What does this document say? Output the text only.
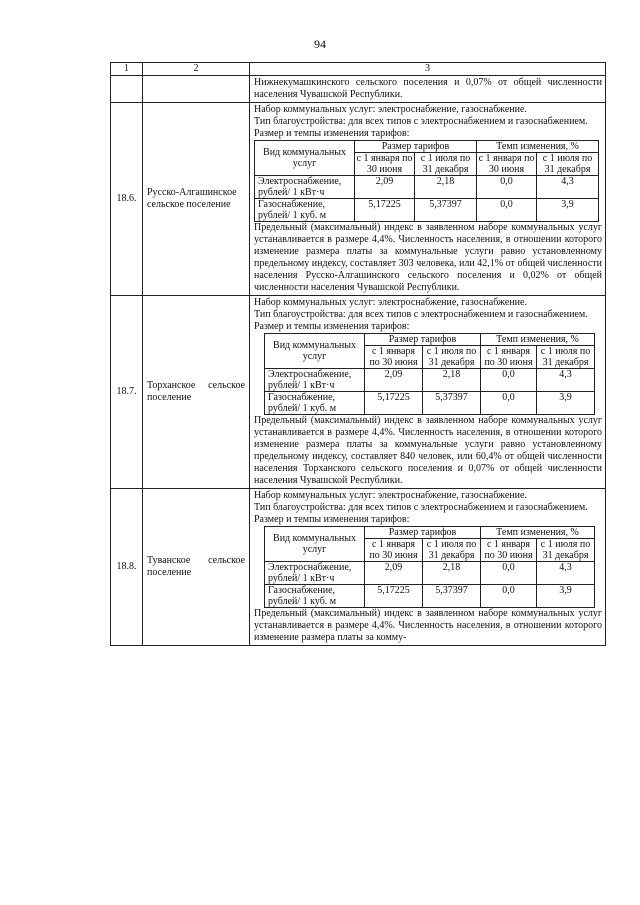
94
1	2	3

Нижнекумашкинского сельского поселения и 0,07% от общей численности населения Чувашской Республики.

18.6.	Русско-Алгашинское сельское поселение	
Набор коммунальных услуг: электроснабжение, газоснабжение.
Тип благоустройства: для всех типов с электроснабжением и газоснабжением.
Размер и темпы изменения тарифов:
Вид коммунальных услуг	Размер тарифов	Темп изменения, %
с 1 января по 30 июня	с 1 июля по 31 декабря	с 1 января по 30 июня	с 1 июля по 31 декабря
Электроснабжение, рублей/ 1 кВт·ч	2,09	2,18	0,0	4,3
Газоснабжение, рублей/ 1 куб. м	5,17225	5,37397	0,0	3,9
Предельный (максимальный) индекс в заявленном наборе коммунальных услуг устанавливается в размере 4,4%. Численность населения, в отношении которого изменение размера платы за коммунальные услуги равно установленному предельному индексу, составляет 303 человека, или 42,1% от общей численности населения Русско-Алгашинского сельского поселения и 0,02% от общей численности населения Чувашской Республики.

18.7.	Торханское сельское поселение	
Набор коммунальных услуг: электроснабжение, газоснабжение.
Тип благоустройства: для всех типов с электроснабжением и газоснабжением.
Размер и темпы изменения тарифов:
Вид коммунальных услуг	Размер тарифов	Темп изменения, %
с 1 января по 30 июня	с 1 июля по 31 декабря	с 1 января по 30 июня	с 1 июля по 31 декабря
Электроснабжение, рублей/ 1 кВт·ч	2,09	2,18	0,0	4,3
Газоснабжение, рублей/ 1 куб. м	5,17225	5,37397	0,0	3,9
Предельный (максимальный) индекс в заявленном наборе коммунальных услуг устанавливается в размере 4,4%. Численность населения, в отношении которого изменение размера платы за коммунальные услуги равно установленному предельному индексу, составляет 840 человек, или 60,4% от общей численности населения Торханского сельского поселения и 0,07% от общей численности населения Чувашской Республики.

18.8.	Туванское сельское поселение	
Набор коммунальных услуг: электроснабжение, газоснабжение.
Тип благоустройства: для всех типов с электроснабжением и газоснабжением.
Размер и темпы изменения тарифов:
Вид коммунальных услуг	Размер тарифов	Темп изменения, %
с 1 января по 30 июня	с 1 июля по 31 декабря	с 1 января по 30 июня	с 1 июля по 31 декабря
Электроснабжение, рублей/ 1 кВт·ч	2,09	2,18	0,0	4,3
Газоснабжение, рублей/ 1 куб. м	5,17225	5,37397	0,0	3,9
Предельный (максимальный) индекс в заявленном наборе коммунальных услуг устанавливается в размере 4,4%. Численность населения, в отношении которого изменение размера платы за комму-
